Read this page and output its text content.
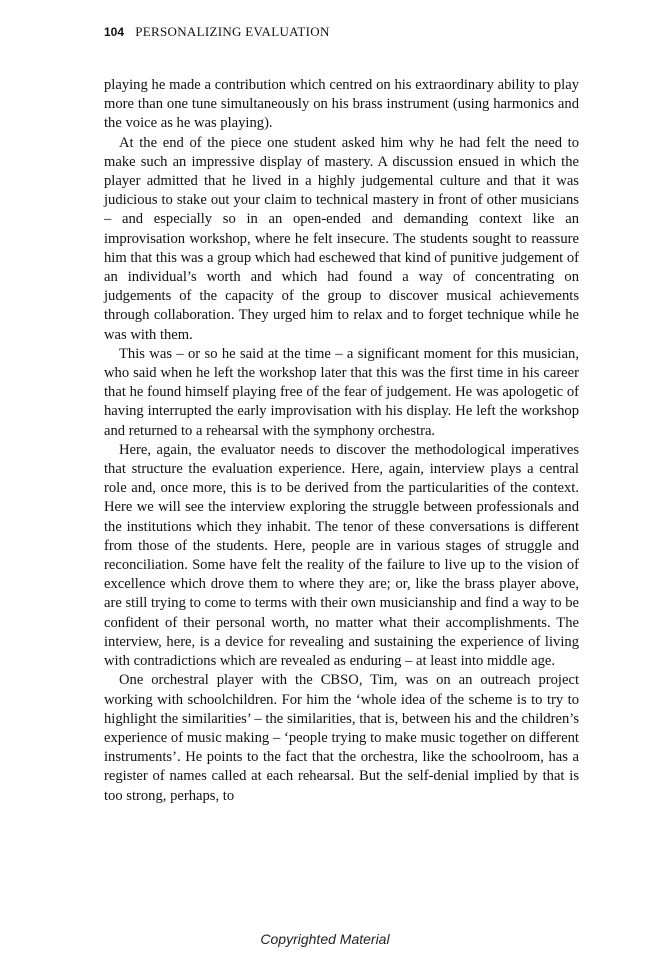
104 PERSONALIZING EVALUATION

playing he made a contribution which centred on his extraordinary ability to play more than one tune simultaneously on his brass instrument (using harmonics and the voice as he was playing).

At the end of the piece one student asked him why he had felt the need to make such an impressive display of mastery. A discussion ensued in which the player admitted that he lived in a highly judgemental culture and that it was judicious to stake out your claim to technical mastery in front of other musicians – and especially so in an open-ended and demanding context like an improvisation workshop, where he felt insecure. The students sought to reassure him that this was a group which had eschewed that kind of punitive judgement of an individual’s worth and which had found a way of concentrating on judgements of the capacity of the group to discover musical achievements through collaboration. They urged him to relax and to forget technique while he was with them.

This was – or so he said at the time – a significant moment for this musician, who said when he left the workshop later that this was the first time in his career that he found himself playing free of the fear of judgement. He was apologetic of having interrupted the early improvisation with his display. He left the workshop and returned to a rehearsal with the symphony orchestra.

Here, again, the evaluator needs to discover the methodological imperatives that structure the evaluation experience. Here, again, interview plays a central role and, once more, this is to be derived from the particularities of the context. Here we will see the interview exploring the struggle between professionals and the institutions which they inhabit. The tenor of these conversations is different from those of the students. Here, people are in various stages of struggle and reconciliation. Some have felt the reality of the failure to live up to the vision of excellence which drove them to where they are; or, like the brass player above, are still trying to come to terms with their own musicianship and find a way to be confident of their personal worth, no matter what their accomplishments. The interview, here, is a device for revealing and sustaining the experience of living with contradictions which are revealed as enduring – at least into middle age.

One orchestral player with the CBSO, Tim, was on an outreach project working with schoolchildren. For him the ‘whole idea of the scheme is to try to highlight the similarities’ – the similarities, that is, between his and the children’s experience of music making – ‘people trying to make music together on different instruments’. He points to the fact that the orchestra, like the schoolroom, has a register of names called at each rehearsal. But the self-denial implied by that is too strong, perhaps, to

Copyrighted Material
